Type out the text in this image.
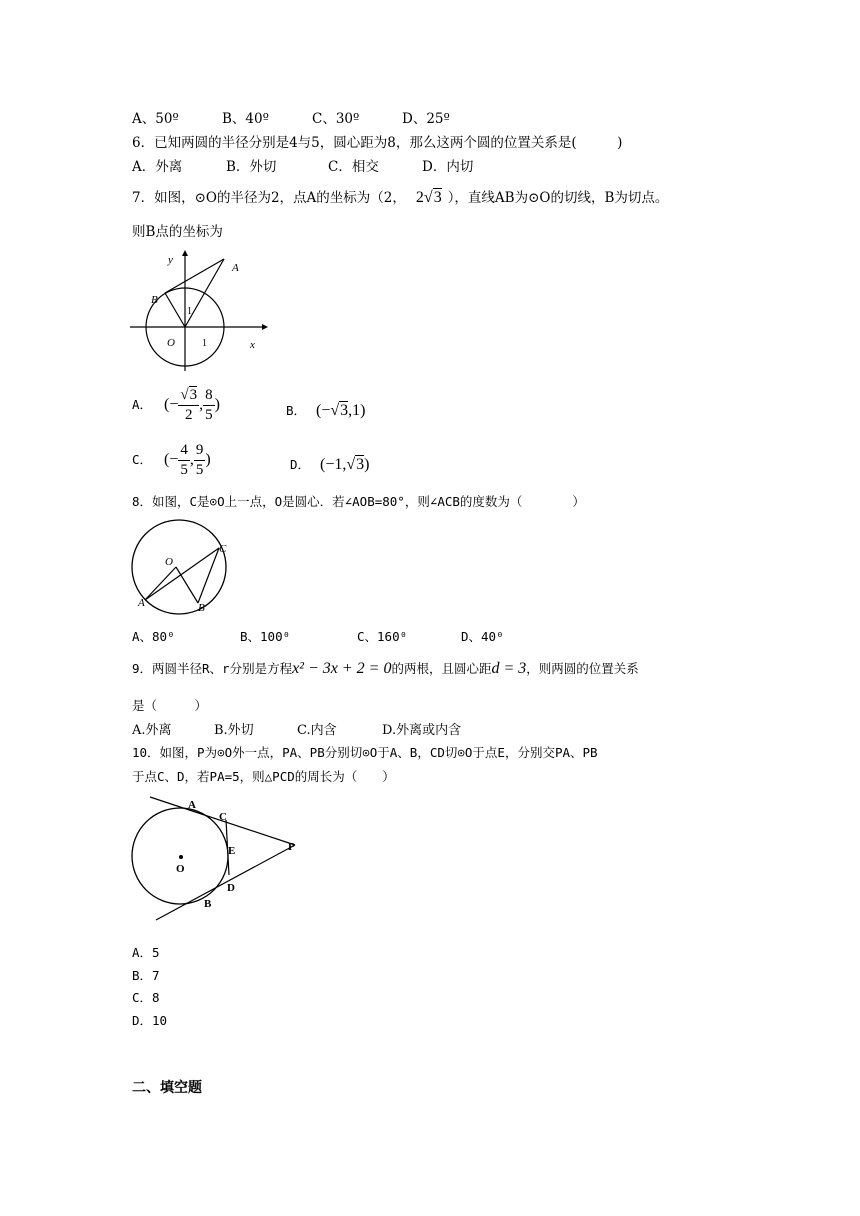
A、50º	B、40º	C、30º	D、25º
6．已知两圆的半径分别是4与5，圆心距为8，那么这两个圆的位置关系是(　　　)
A．外离	B．外切	C．相交	D．内切
7．如图，⊙O的半径为2，点A的坐标为（2， 2√3 ），直线AB为⊙O的切线，B为切点。
则B点的坐标为
y
A
B
1
O	1	x
A． (− $\frac{√3}{2}$ , $\frac{8}{5}$ )	B． (−√3,1)
C． (− $\frac{4}{5}$ , $\frac{9}{5}$ )	D． (−1,√3)
8．如图，C是⊙O上一点，O是圆心．若∠AOB=80°，则∠ACB的度数为（　　　　）
O
C
A	B
A、80⁰	B、100⁰	C、160⁰	D、40⁰
9．两圆半径R、r分别是方程x² − 3x + 2 = 0的两根，且圆心距d = 3，则两圆的位置关系
是（　　　）
A.外离	B.外切	C.内含	D.外离或内含
10．如图，P为⊙O外一点，PA、PB分别切⊙O于A、B，CD切⊙O于点E，分别交PA、PB
于点C、D，若PA=5，则△PCD的周长为（　　）
A
C
E	P
O
D
B
A．5
B．7
C．8
D．10
二、填空题
